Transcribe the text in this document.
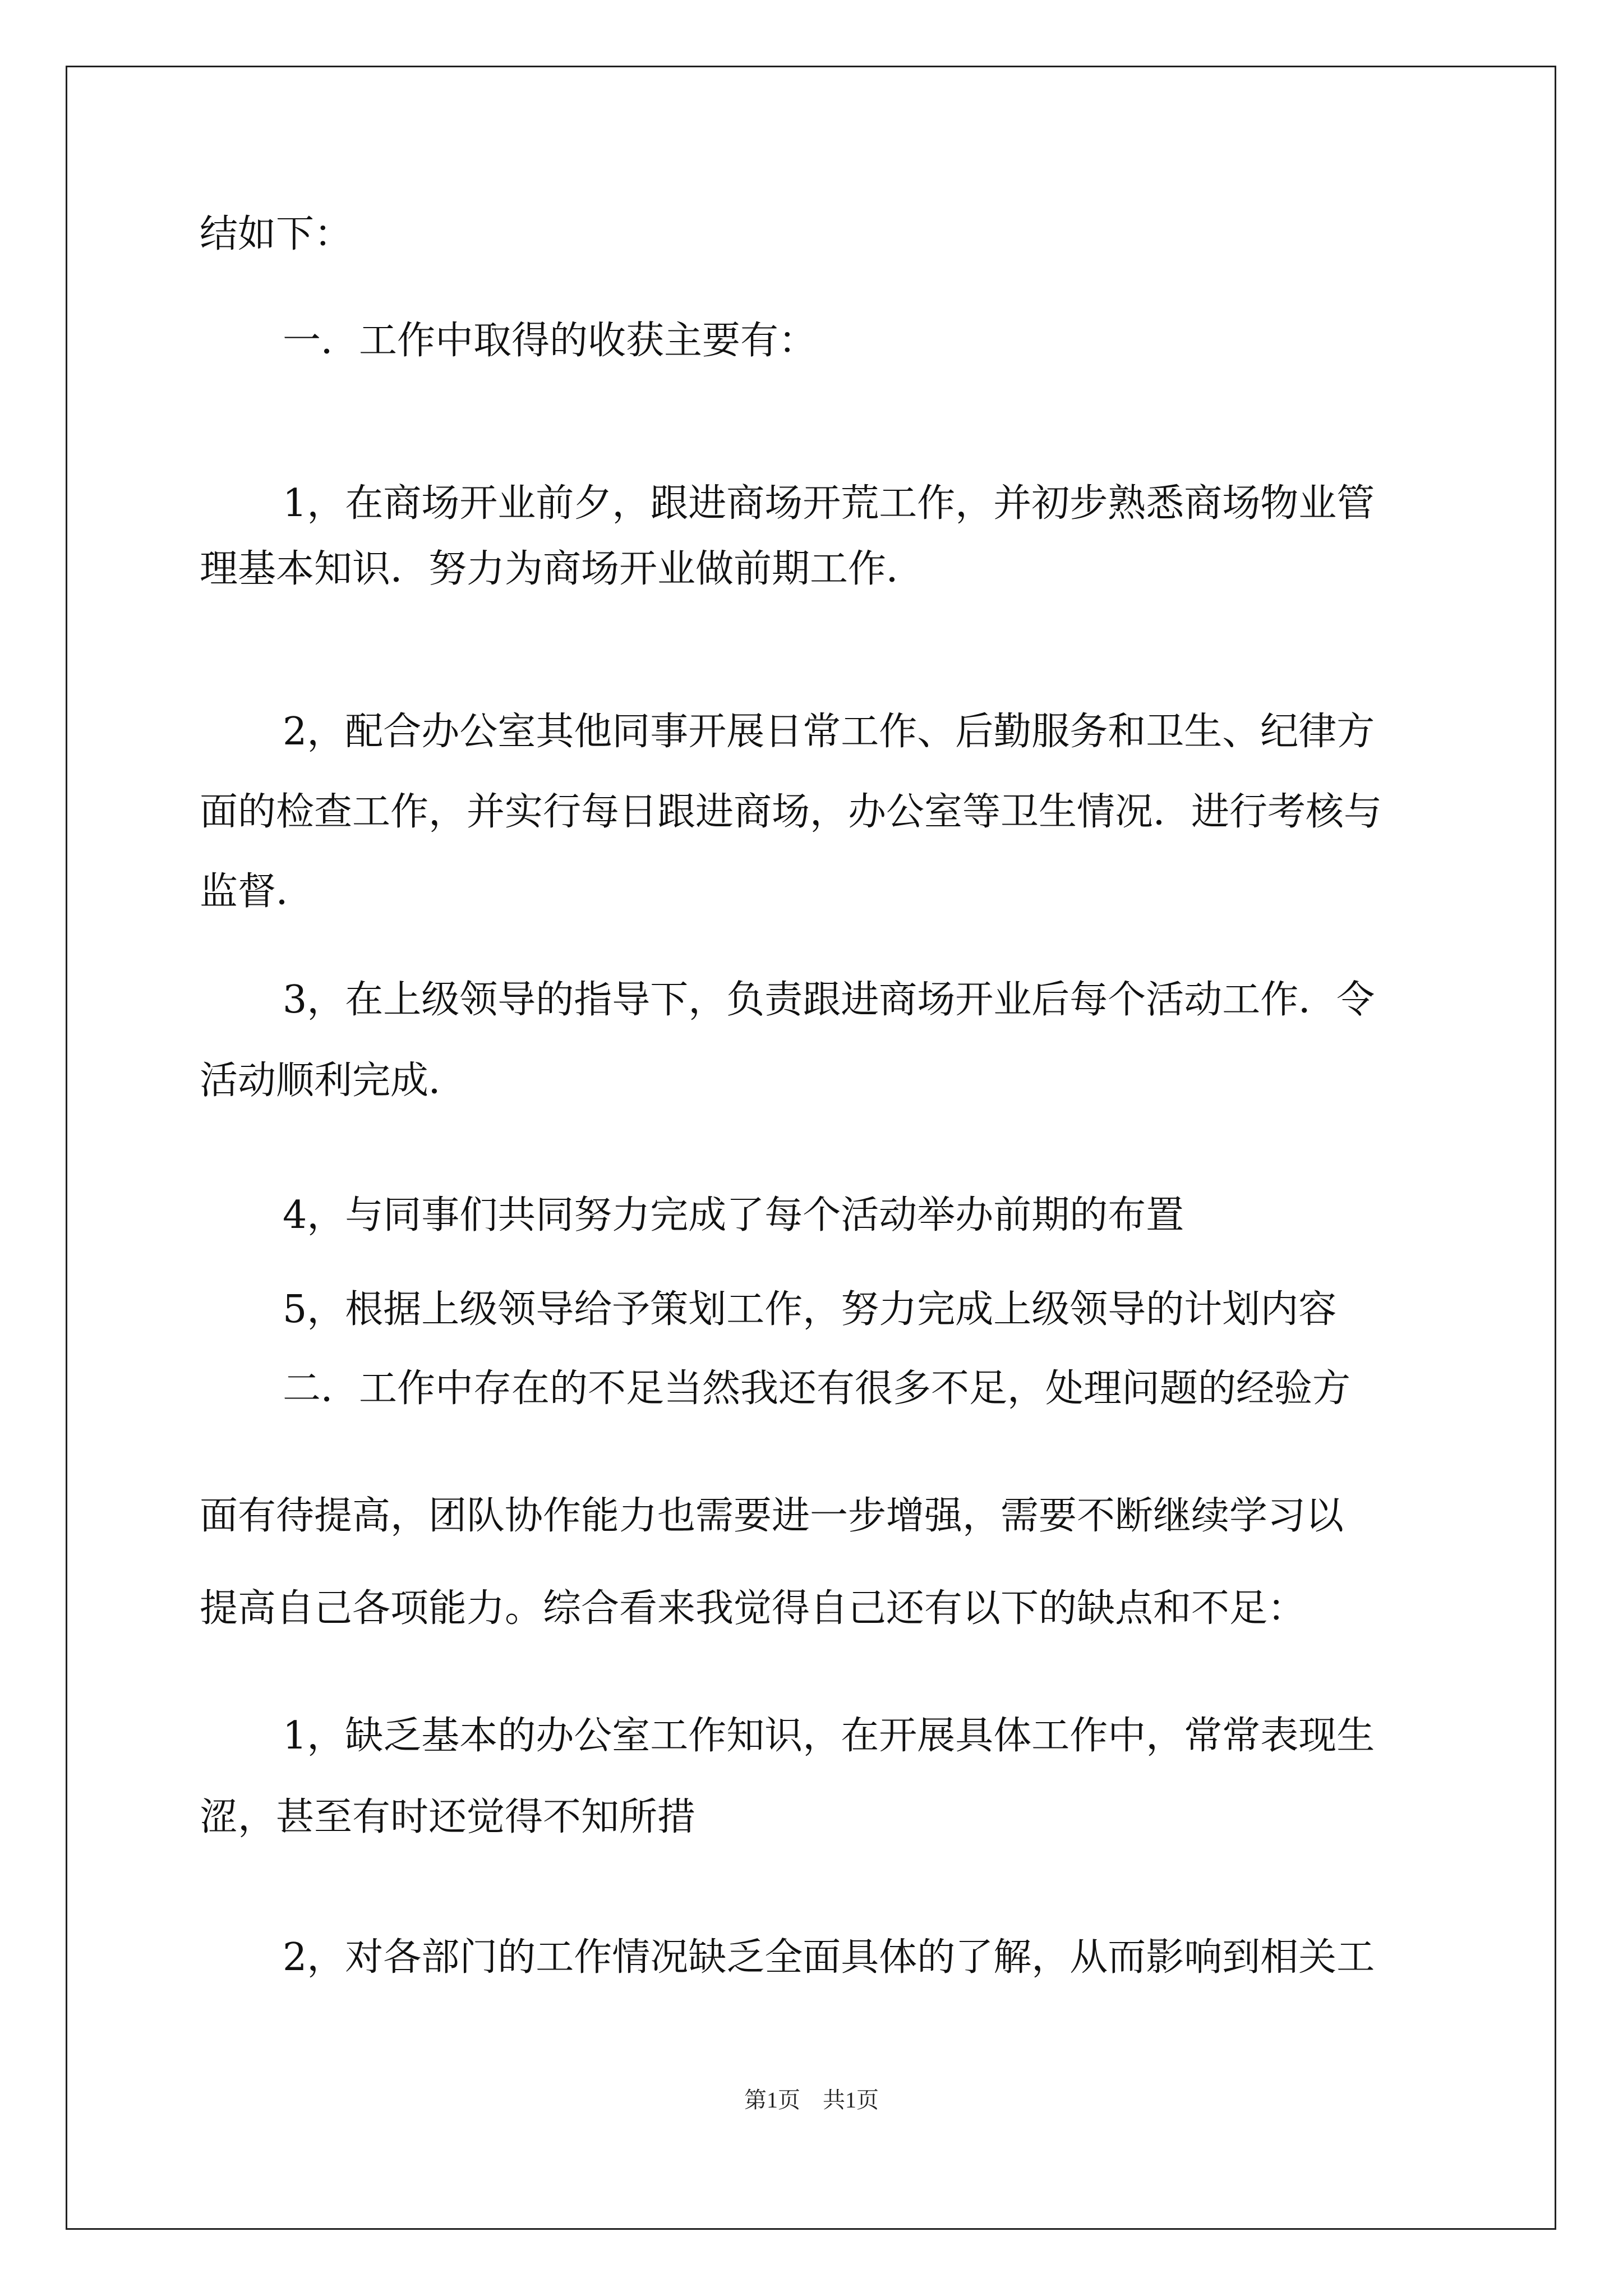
结如下：
一．工作中取得的收获主要有：
1，在商场开业前夕，跟进商场开荒工作，并初步熟悉商场物业管
理基本知识．努力为商场开业做前期工作．
2，配合办公室其他同事开展日常工作、后勤服务和卫生、纪律方
面的检查工作，并实行每日跟进商场，办公室等卫生情况．进行考核与
监督．
3，在上级领导的指导下，负责跟进商场开业后每个活动工作．令
活动顺利完成．
4，与同事们共同努力完成了每个活动举办前期的布置
5，根据上级领导给予策划工作，努力完成上级领导的计划内容
二．工作中存在的不足当然我还有很多不足，处理问题的经验方
面有待提高，团队协作能力也需要进一步增强，需要不断继续学习以
提高自己各项能力。综合看来我觉得自己还有以下的缺点和不足：
1，缺乏基本的办公室工作知识，在开展具体工作中，常常表现生
涩，甚至有时还觉得不知所措
2，对各部门的工作情况缺乏全面具体的了解，从而影响到相关工
第1页　共1页
